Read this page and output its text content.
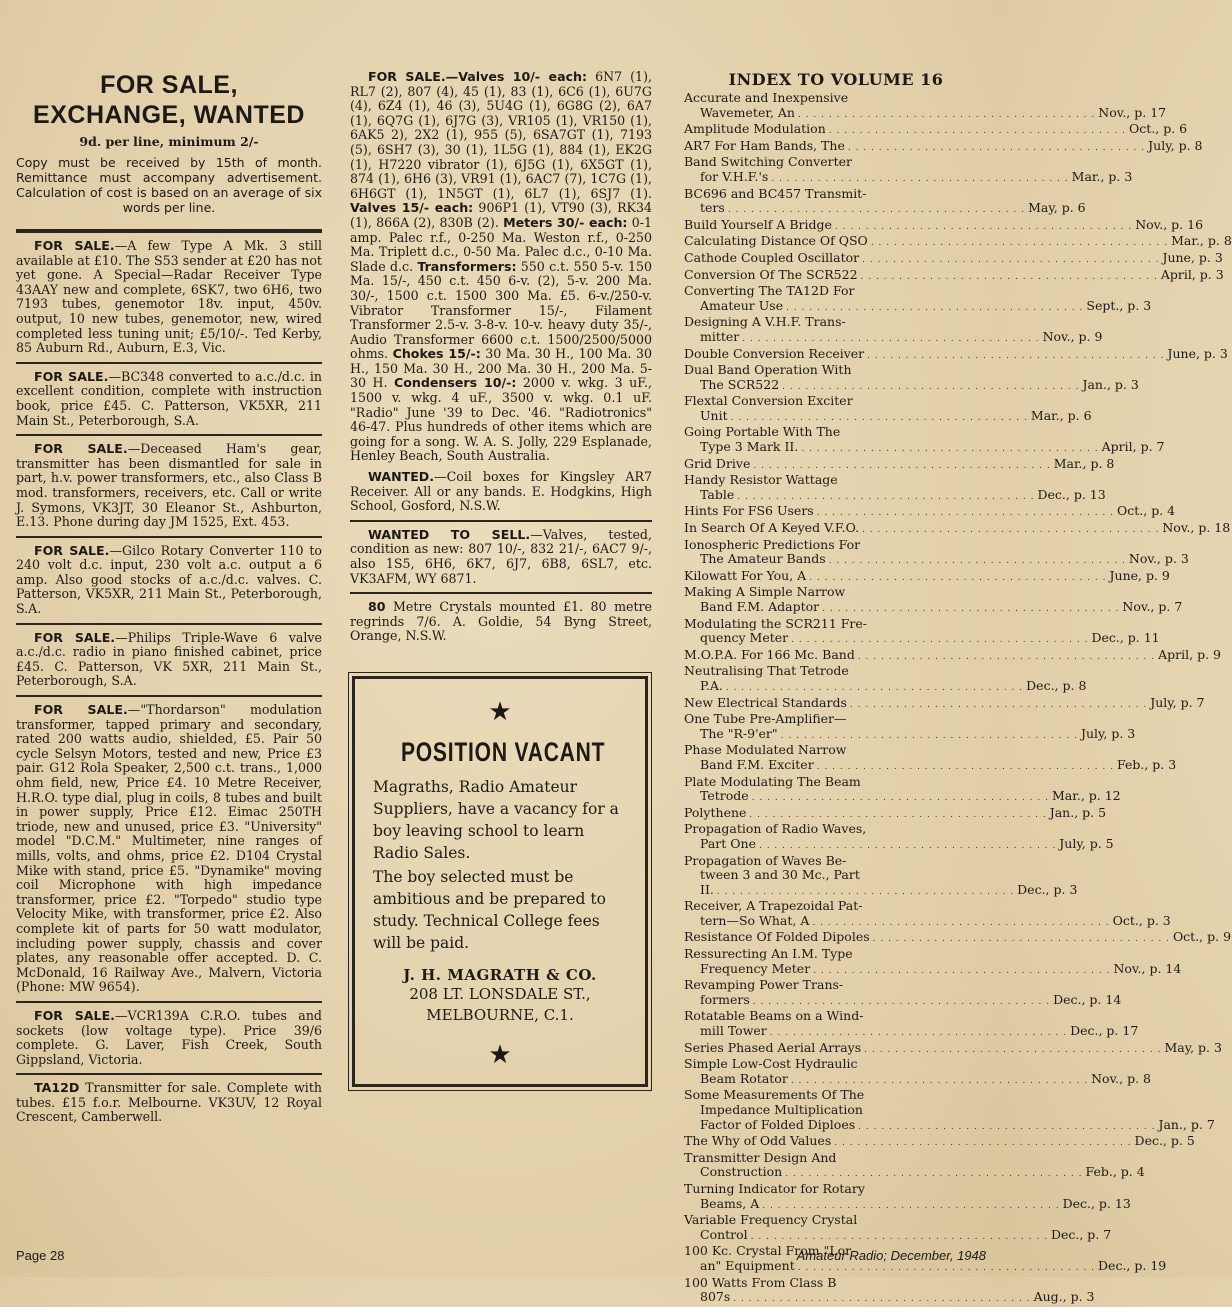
FOR SALE,
EXCHANGE, WANTED
9d. per line, minimum 2/-
Copy must be received by 15th of month. Remittance must accompany advertisement. Calculation of cost is based on an average of six words per line.
FOR SALE.—A few Type A Mk. 3 still available at £10. The S53 sender at £20 has not yet gone. A Special—Radar Receiver Type 43AAY new and complete, 6SK7, two 6H6, two 7193 tubes, genemotor 18v. input, 450v. output, 10 new tubes, genemotor, new, wired completed less tuning unit; £5/10/-. Ted Kerby, 85 Auburn Rd., Auburn, E.3, Vic.
FOR SALE.—BC348 converted to a.c./d.c. in excellent condition, complete with instruction book, price £45. C. Patterson, VK5XR, 211 Main St., Peterborough, S.A.
FOR SALE.—Deceased Ham's gear, transmitter has been dismantled for sale in part, h.v. power transformers, etc., also Class B mod. transformers, receivers, etc. Call or write J. Symons, VK3JT, 30 Eleanor St., Ashburton, E.13. Phone during day JM 1525, Ext. 453.
FOR SALE.—Gilco Rotary Converter 110 to 240 volt d.c. input, 230 volt a.c. output a 6 amp. Also good stocks of a.c./d.c. valves. C. Patterson, VK5XR, 211 Main St., Peterborough, S.A.
FOR SALE.—Philips Triple-Wave 6 valve a.c./d.c. radio in piano finished cabinet, price £45. C. Patterson, VK 5XR, 211 Main St., Peterborough, S.A.
FOR SALE.—"Thordarson" modulation transformer, tapped primary and secondary, rated 200 watts audio, shielded, £5. Pair 50 cycle Selsyn Motors, tested and new, Price £3 pair. G12 Rola Speaker, 2,500 c.t. trans., 1,000 ohm field, new, Price £4. 10 Metre Receiver, H.R.O. type dial, plug in coils, 8 tubes and built in power supply, Price £12. Eimac 250TH triode, new and unused, price £3. "University" model "D.C.M." Multimeter, nine ranges of mills, volts, and ohms, price £2. D104 Crystal Mike with stand, price £5. "Dynamike" moving coil Microphone with high impedance transformer, price £2. "Torpedo" studio type Velocity Mike, with transformer, price £2. Also complete kit of parts for 50 watt modulator, including power supply, chassis and cover plates, any reasonable offer accepted. D. C. McDonald, 16 Railway Ave., Malvern, Victoria (Phone: MW 9654).
FOR SALE.—VCR139A C.R.O. tubes and sockets (low voltage type). Price 39/6 complete. G. Laver, Fish Creek, South Gippsland, Victoria.
TA12D Transmitter for sale. Complete with tubes. £15 f.o.r. Melbourne. VK3UV, 12 Royal Crescent, Camberwell.
FOR SALE.—Valves 10/- each: 6N7 (1), RL7 (2), 807 (4), 45 (1), 83 (1), 6C6 (1), 6U7G (4), 6Z4 (1), 46 (3), 5U4G (1), 6G8G (2), 6A7 (1), 6Q7G (1), 6J7G (3), VR105 (1), VR150 (1), 6AK5 2), 2X2 (1), 955 (5), 6SA7GT (1), 7193 (5), 6SH7 (3), 30 (1), 1L5G (1), 884 (1), EK2G (1), H7220 vibrator (1), 6J5G (1), 6X5GT (1), 874 (1), 6H6 (3), VR91 (1), 6AC7 (7), 1C7G (1), 6H6GT (1), 1N5GT (1), 6L7 (1), 6SJ7 (1). Valves 15/- each: 906P1 (1), VT90 (3), RK34 (1), 866A (2), 830B (2). Meters 30/- each: 0-1 amp. Palec r.f., 0-250 Ma. Weston r.f., 0-250 Ma. Triplett d.c., 0-50 Ma. Palec d.c., 0-10 Ma. Slade d.c. Transformers: 550 c.t. 550 5-v. 150 Ma. 15/-, 450 c.t. 450 6-v. (2), 5-v. 200 Ma. 30/-, 1500 c.t. 1500 300 Ma. £5. 6-v./250-v. Vibrator Transformer 15/-, Filament Transformer 2.5-v. 3-8-v. 10-v. heavy duty 35/-, Audio Transformer 6600 c.t. 1500/2500/5000 ohms. Chokes 15/-: 30 Ma. 30 H., 100 Ma. 30 H., 150 Ma. 30 H., 200 Ma. 30 H., 200 Ma. 5-30 H. Condensers 10/-: 2000 v. wkg. 3 uF., 1500 v. wkg. 4 uF., 3500 v. wkg. 0.1 uF. "Radio" June '39 to Dec. '46. "Radiotronics" 46-47. Plus hundreds of other items which are going for a song. W. A. S. Jolly, 229 Esplanade, Henley Beach, South Australia.
WANTED.—Coil boxes for Kingsley AR7 Receiver. All or any bands. E. Hodgkins, High School, Gosford, N.S.W.
WANTED TO SELL.—Valves, tested, condition as new: 807 10/-, 832 21/-, 6AC7 9/-, also 1S5, 6H6, 6K7, 6J7, 6B8, 6SL7, etc. VK3AFM, WY 6871.
80 Metre Crystals mounted £1. 80 metre regrinds 7/6. A. Goldie, 54 Byng Street, Orange, N.S.W.
★
POSITION VACANT

Magraths, Radio Amateur Suppliers, have a vacancy for a boy leaving school to learn Radio Sales.

The boy selected must be ambitious and be prepared to study. Technical College fees will be paid.

J. H. MAGRATH & CO.
208 LT. LONSDALE ST.,
MELBOURNE, C.1.
★
INDEX TO VOLUME 16
Accurate and Inexpensive
Wavemeter, An . . .	Nov., p. 17
Amplitude Modulation . . .	Oct., p. 6
AR7 For Ham Bands, The . . .	July, p. 8
Band Switching Converter
for V.H.F.'s . . .	Mar., p. 3
BC696 and BC457 Transmit-
ters . . .	May, p. 6
Build Yourself A Bridge . . .	Nov., p. 16
Calculating Distance Of QSO . . .	Mar., p. 8
Cathode Coupled Oscillator . . .	June, p. 3
Conversion Of The SCR522 . . .	April, p. 3
Converting The TA12D For
Amateur Use . . .	Sept., p. 3
Designing A V.H.F. Trans-
mitter . . .	Nov., p. 9
Double Conversion Receiver . . .	June, p. 3
Dual Band Operation With
The SCR522 . . .	Jan., p. 3
Flextal Conversion Exciter
Unit . . .	Mar., p. 6
Going Portable With The
Type 3 Mark II. . . .	April, p. 7
Grid Drive . . .	Mar., p. 8
Handy Resistor Wattage
Table . . .	Dec., p. 13
Hints For FS6 Users . . .	Oct., p. 4
In Search Of A Keyed V.F.O. . . .	Nov., p. 18
Ionospheric Predictions For
The Amateur Bands . . .	Nov., p. 3
Kilowatt For You, A . . .	June, p. 9
Making A Simple Narrow
Band F.M. Adaptor . . .	Nov., p. 7
Modulating the SCR211 Fre-
quency Meter . . .	Dec., p. 11
M.O.P.A. For 166 Mc. Band . . .	April, p. 9
Neutralising That Tetrode
P.A. . . .	Dec., p. 8
New Electrical Standards . . .	July, p. 7
One Tube Pre-Amplifier—
The "R-9'er" . . .	July, p. 3
Phase Modulated Narrow
Band F.M. Exciter . . .	Feb., p. 3
Plate Modulating The Beam
Tetrode . . .	Mar., p. 12
Polythene . . .	Jan., p. 5
Propagation of Radio Waves,
Part One . . .	July, p. 5
Propagation of Waves Be-
tween 3 and 30 Mc., Part
II. . . .	Dec., p. 3
Receiver, A Trapezoidal Pat-
tern—So What, A . . .	Oct., p. 3
Resistance Of Folded Dipoles . . .	Oct., p. 9
Ressurecting An I.M. Type
Frequency Meter . . .	Nov., p. 14
Revamping Power Trans-
formers . . .	Dec., p. 14
Rotatable Beams on a Wind-
mill Tower . . .	Dec., p. 17
Series Phased Aerial Arrays . . .	May, p. 3
Simple Low-Cost Hydraulic
Beam Rotator . . .	Nov., p. 8
Some Measurements Of The
Impedance Multiplication
Factor of Folded Diploes . . .	Jan., p. 7
The Why of Odd Values . . .	Dec., p. 5
Transmitter Design And
Construction . . .	Feb., p. 4
Turning Indicator for Rotary
Beams, A . . .	Dec., p. 13
Variable Frequency Crystal
Control . . .	Dec., p. 7
100 Kc. Crystal From "Lor-
an" Equipment . . .	Dec., p. 19
100 Watts From Class B
807s . . .	Aug., p. 3
Page 28	Amateur Radio; December, 1948
